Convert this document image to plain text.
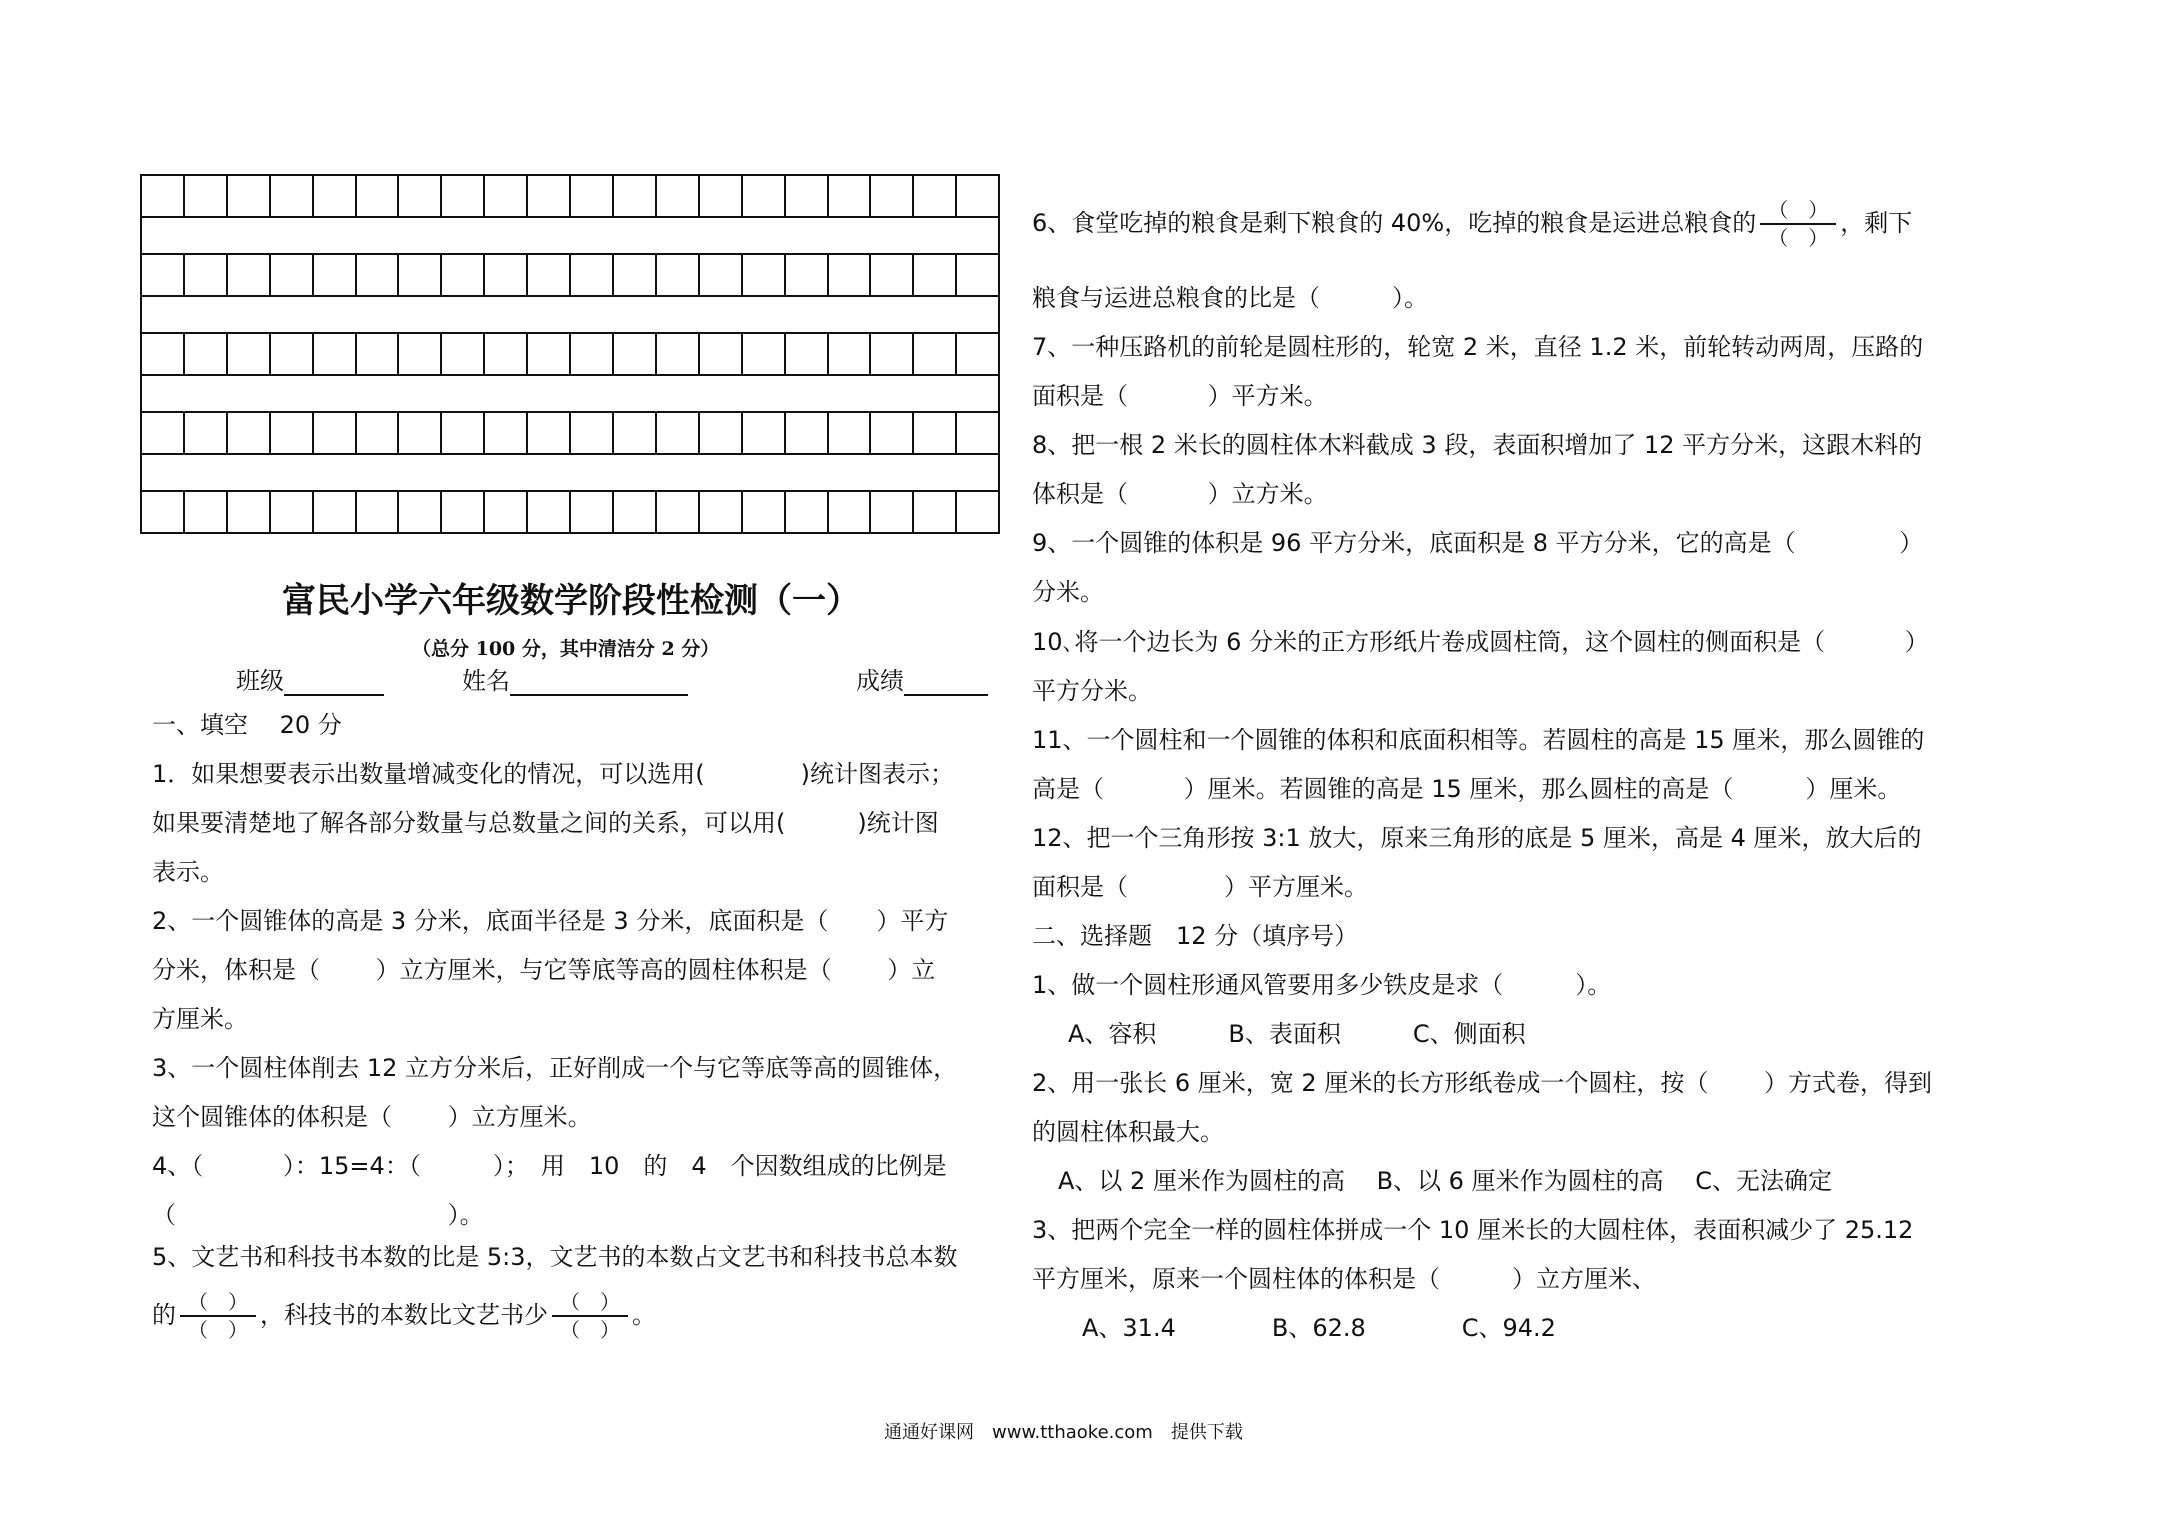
富民小学六年级数学阶段性检测（一）
（总分 100 分，其中清洁分 2 分）
班级	姓名	成绩
一、填空　 20 分
1．如果想要表示出数量增减变化的情况，可以选用(　　　　)统计图表示；
如果要清楚地了解各部分数量与总数量之间的关系，可以用(　　　)统计图
表示。
2、一个圆锥体的高是 3 分米，底面半径是 3 分米，底面积是（　　）平方
分米，体积是（　　 ）立方厘米，与它等底等高的圆柱体积是（　　 ）立
方厘米。
3、一个圆柱体削去 12 立方分米后，正好削成一个与它等底等高的圆锥体，
这个圆锥体的体积是（　　 ）立方厘米。
4、（　　　 ）：15=4：（　　　）；　用　10　的　4　个因数组成的比例是
（　　　　　　　　　　　 ）。
5、文艺书和科技书本数的比是 5:3，文艺书的本数占文艺书和科技书总本数
的 $\frac{( )}{( )}$ ，科技书的本数比文艺书少 $\frac{( )}{( )}$ 。
6、食堂吃掉的粮食是剩下粮食的 40%，吃掉的粮食是运进总粮食的 $\frac{( )}{( )}$ ，剩下
粮食与运进总粮食的比是（　　　）。
7、一种压路机的前轮是圆柱形的，轮宽 2 米，直径 1.2 米，前轮转动两周，压路的
面积是（　　　 ）平方米。
8、把一根 2 米长的圆柱体木料截成 3 段，表面积增加了 12 平方分米，这跟木料的
体积是（　　　 ）立方米。
9、一个圆锥的体积是 96 平方分米，底面积是 8 平方分米，它的高是（　　　　 ）
分米。
10､将一个边长为 6 分米的正方形纸片卷成圆柱筒，这个圆柱的侧面积是（　　　 ）
平方分米。
11、一个圆柱和一个圆锥的体积和底面积相等。若圆柱的高是 15 厘米，那么圆锥的
高是（　　　 ）厘米。若圆锥的高是 15 厘米，那么圆柱的高是（　　　）厘米。
12、把一个三角形按 3:1 放大，原来三角形的底是 5 厘米，高是 4 厘米，放大后的
面积是（　　　　）平方厘米。
二、选择题　12 分（填序号）
1、做一个圆柱形通风管要用多少铁皮是求（　　　）。
A、容积　　　B、表面积　　　C、侧面积
2、用一张长 6 厘米，宽 2 厘米的长方形纸卷成一个圆柱，按（　　 ）方式卷，得到
的圆柱体积最大。
A、以 2 厘米作为圆柱的高　 B、以 6 厘米作为圆柱的高　 C、无法确定
3、把两个完全一样的圆柱体拼成一个 10 厘米长的大圆柱体，表面积减少了 25.12
平方厘米，原来一个圆柱体的体积是（　　　）立方厘米、
A、31.4　　　　B、62.8　　　　C、94.2
通通好课网　www.tthaoke.com　提供下载
